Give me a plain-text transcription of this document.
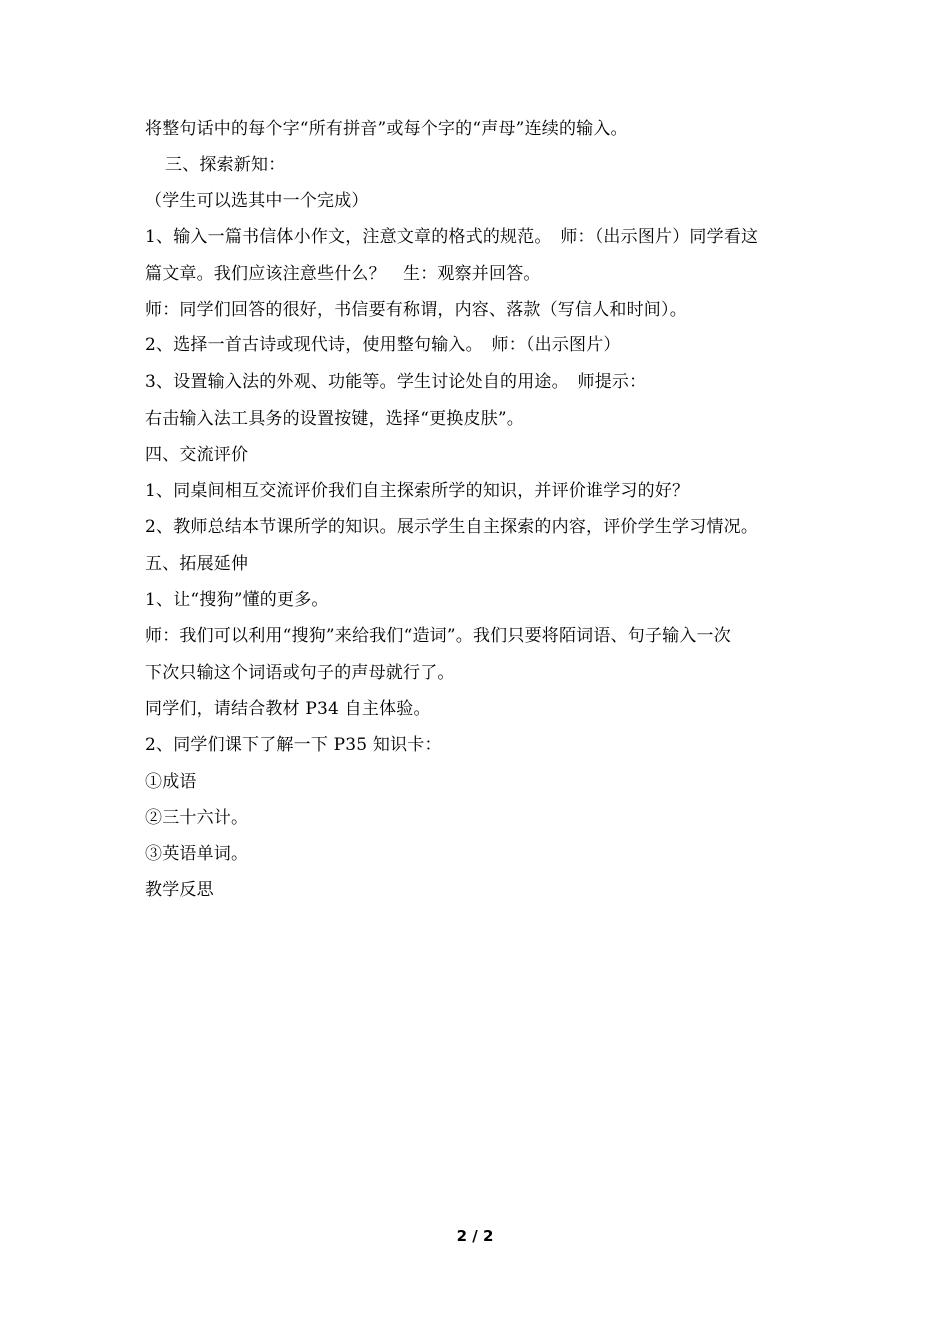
将整句话中的每个字“所有拼音”或每个字的“声母”连续的输入。
三、探索新知：
（学生可以选其中一个完成）
1、输入一篇书信体小作文，注意文章的格式的规范。　师：（出示图片）同学看这
篇文章。我们应该注意些什么？　生：观察并回答。
师：同学们回答的很好，书信要有称谓，内容、落款（写信人和时间）。
2、选择一首古诗或现代诗，使用整句输入。　师：（出示图片）
3、设置输入法的外观、功能等。学生讨论处自的用途。　师提示：
右击输入法工具务的设置按键，选择“更换皮肤”。
四、交流评价
1、同桌间相互交流评价我们自主探索所学的知识，并评价谁学习的好？
2、教师总结本节课所学的知识。展示学生自主探索的内容，评价学生学习情况。
五、拓展延伸
1、让“搜狗”懂的更多。
师：我们可以利用“搜狗”来给我们“造词”。我们只要将陌词语、句子输入一次
下次只输这个词语或句子的声母就行了。
同学们，请结合教材 P34 自主体验。
2、同学们课下了解一下 P35 知识卡：
①成语
②三十六计。
③英语单词。
教学反思
2 / 2
